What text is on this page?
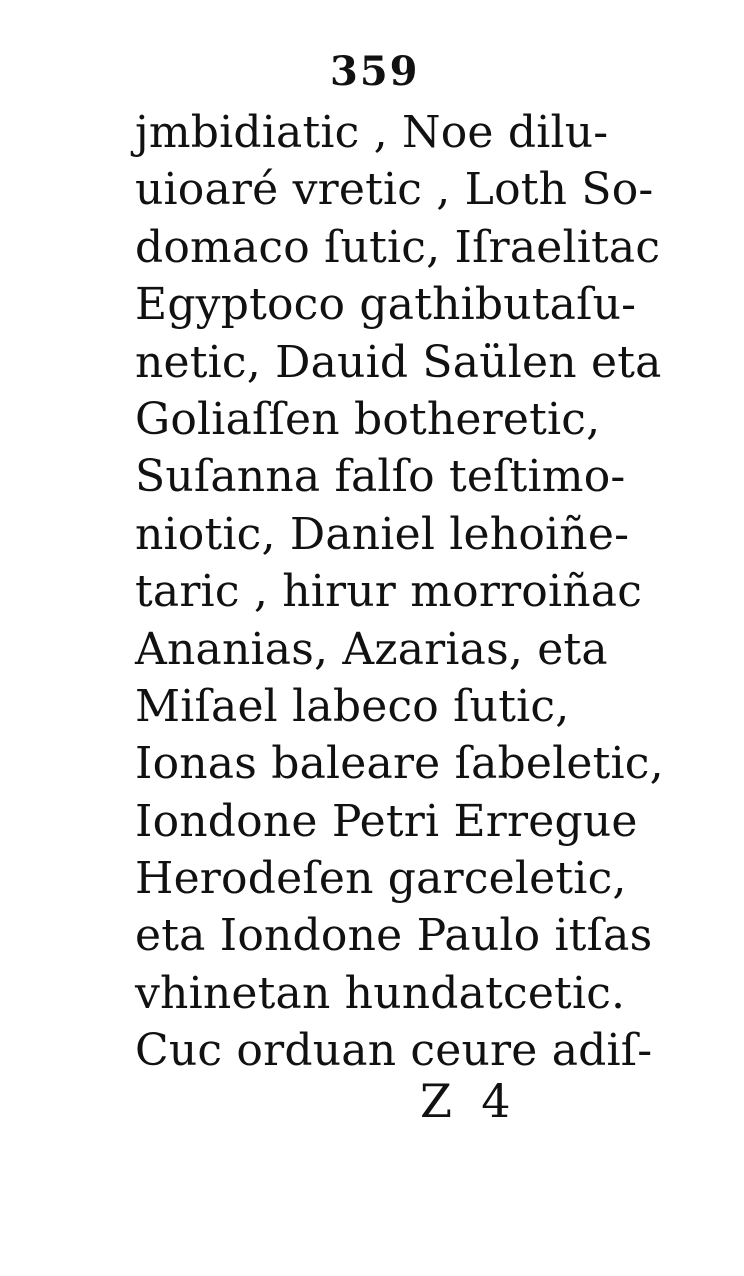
359
jmbidiatic , Noe dilu-
uioaré vretic , Loth So-
domaco ſutic, Iſraelitac
Egyptoco gathibutaſu-
netic, Dauid Saülen eta
Goliaſſen botheretic,
Suſanna falſo teſtimo-
niotic, Daniel lehoiñe-
taric , hirur morroiñac
Ananias, Azarias, eta
Miſael labeco ſutic,
Ionas baleare ſabeletic,
Iondone Petri Erregue
Herodeſen garceletic,
eta Iondone Paulo itſas
vhinetan hundatcetic.
Cuc orduan ceure adiſ-
Z  4
